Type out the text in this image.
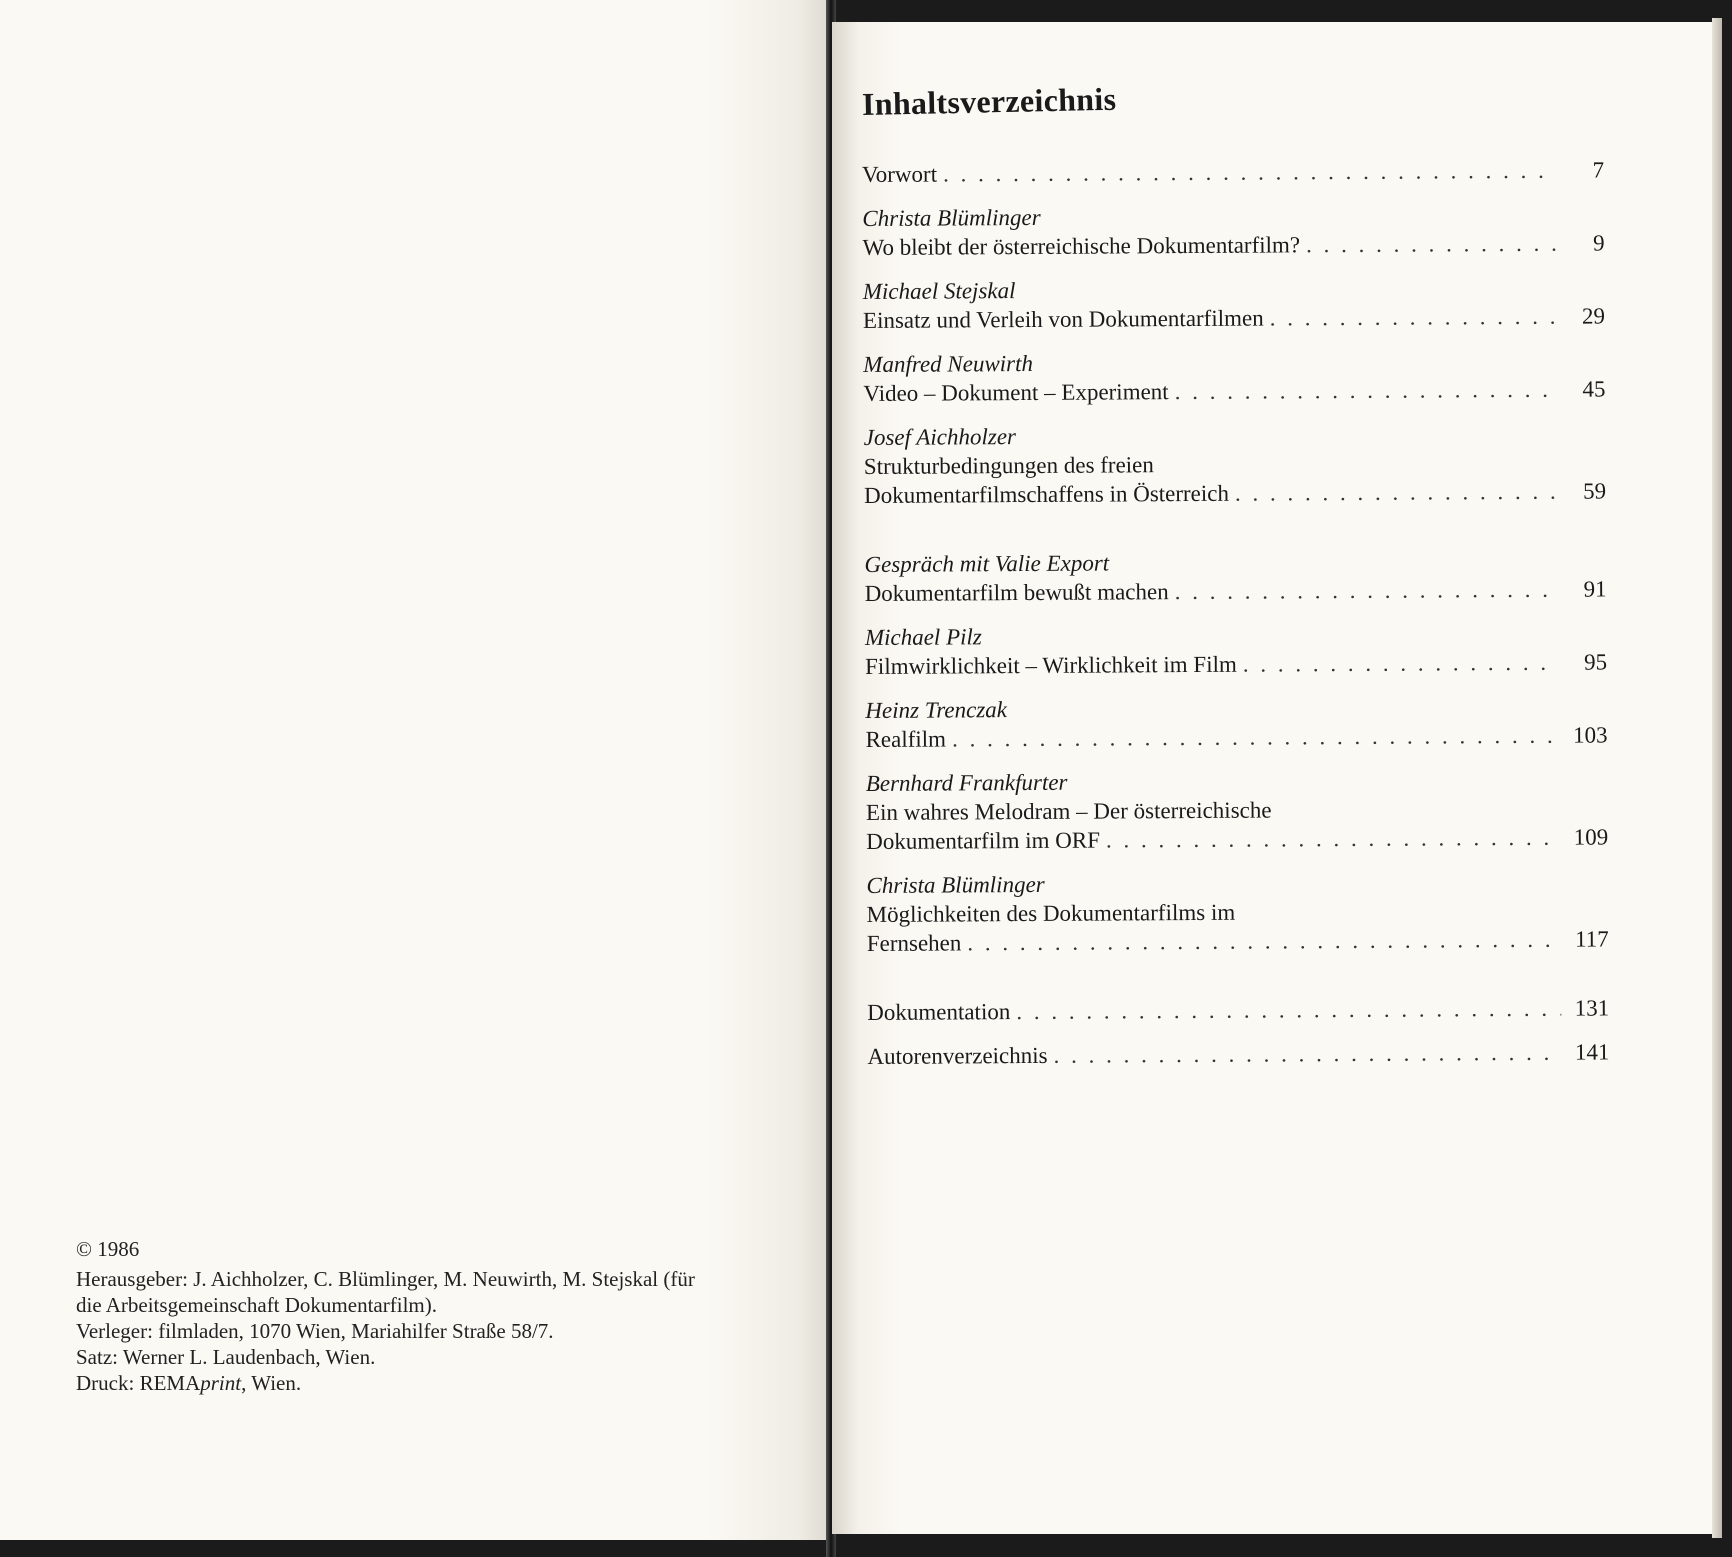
© 1986
Herausgeber: J. Aichholzer, C. Blümlinger, M. Neuwirth, M. Stejskal (für
die Arbeitsgemeinschaft Dokumentarfilm).
Verleger: filmladen, 1070 Wien, Mariahilfer Straße 58/7.
Satz: Werner L. Laudenbach, Wien.
Druck: REMAprint, Wien.
Inhaltsverzeichnis
Vorwort . . .	7
Christa Blümlinger
Wo bleibt der österreichische Dokumentarfilm? . . .	9
Michael Stejskal
Einsatz und Verleih von Dokumentarfilmen . . .	29
Manfred Neuwirth
Video – Dokument – Experiment . . .	45
Josef Aichholzer
Strukturbedingungen des freien
Dokumentarfilmschaffens in Österreich . . .	59
Gespräch mit Valie Export
Dokumentarfilm bewußt machen . . .	91
Michael Pilz
Filmwirklichkeit – Wirklichkeit im Film . . .	95
Heinz Trenczak
Realfilm . . .	103
Bernhard Frankfurter
Ein wahres Melodram – Der österreichische
Dokumentarfilm im ORF . . .	109
Christa Blümlinger
Möglichkeiten des Dokumentarfilms im
Fernsehen . . .	117
Dokumentation . . .	131
Autorenverzeichnis . . .	141
